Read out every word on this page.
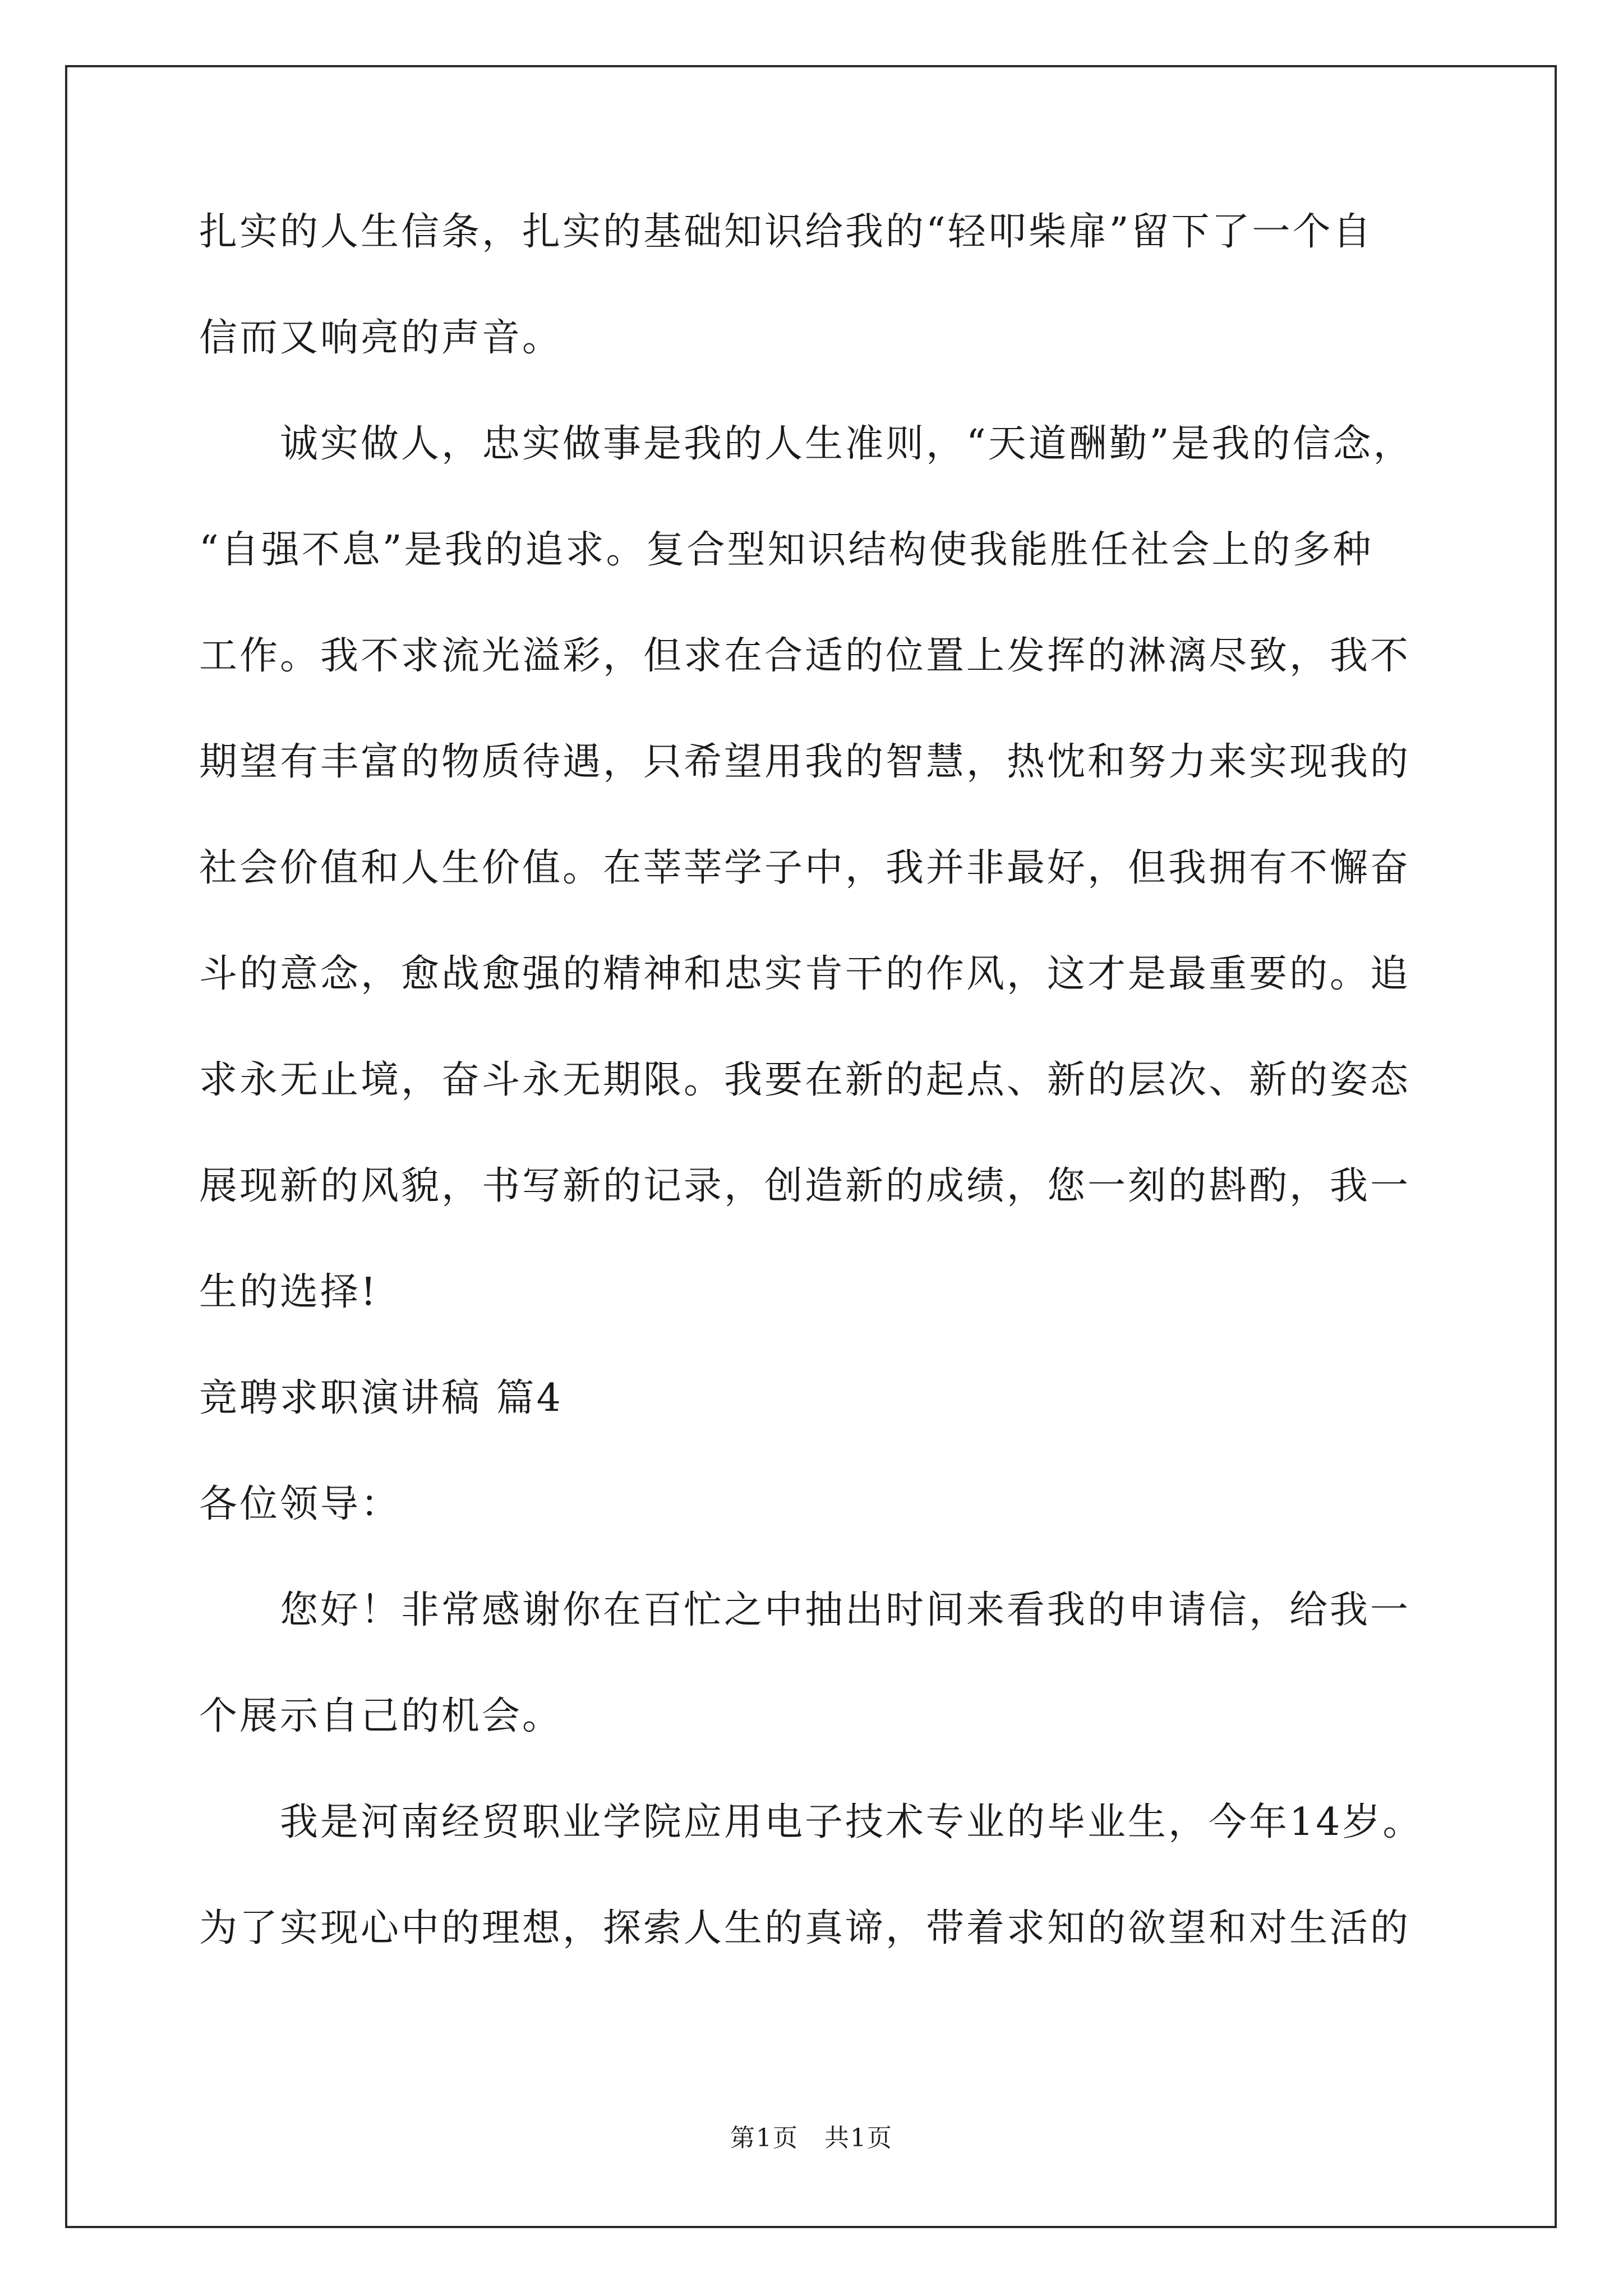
扎实的人生信条，扎实的基础知识给我的“轻叩柴扉”留下了一个自
信而又响亮的声音。
　　诚实做人，忠实做事是我的人生准则，“天道酬勤”是我的信念，
“自强不息”是我的追求。复合型知识结构使我能胜任社会上的多种
工作。我不求流光溢彩，但求在合适的位置上发挥的淋漓尽致，我不
期望有丰富的物质待遇，只希望用我的智慧，热忱和努力来实现我的
社会价值和人生价值。在莘莘学子中，我并非最好，但我拥有不懈奋
斗的意念，愈战愈强的精神和忠实肯干的作风，这才是最重要的。追
求永无止境，奋斗永无期限。我要在新的起点、新的层次、新的姿态
展现新的风貌，书写新的记录，创造新的成绩，您一刻的斟酌，我一
生的选择!
竞聘求职演讲稿 篇4
各位领导：
　　您好！非常感谢你在百忙之中抽出时间来看我的申请信，给我一
个展示自己的机会。
　　我是河南经贸职业学院应用电子技术专业的毕业生，今年14岁。
为了实现心中的理想，探索人生的真谛，带着求知的欲望和对生活的
第1页　共1页
